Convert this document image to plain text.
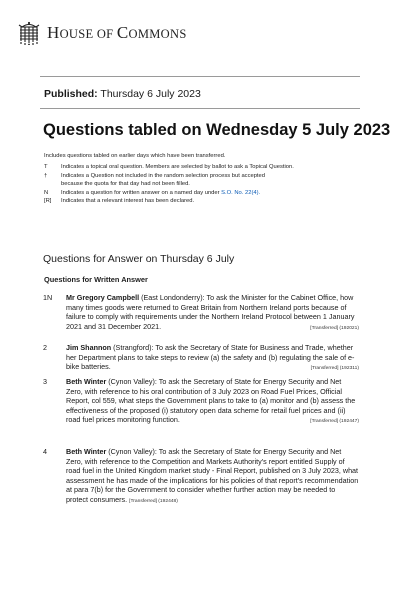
HOUSE OF COMMONS
Published: Thursday 6 July 2023
Questions tabled on Wednesday 5 July 2023
Includes questions tabled on earlier days which have been transferred.
T	Indicates a topical oral question. Members are selected by ballot to ask a Topical Question.
†	Indicates a Question not included in the random selection process but accepted because the quota for that day had not been filled.
N	Indicates a question for written answer on a named day under S.O. No. 22(4).
[R]	Indicates that a relevant interest has been declared.
Questions for Answer on Thursday 6 July
Questions for Written Answer
1N	Mr Gregory Campbell (East Londonderry): To ask the Minister for the Cabinet Office, how many times goods were returned to Great Britain from Northern Ireland ports because of failure to comply with requirements under the Northern Ireland Protocol between 1 January 2021 and 31 December 2021.	[Transferred] (192021)
2	Jim Shannon (Strangford): To ask the Secretary of State for Business and Trade, whether her Department plans to take steps to review (a) the safety and (b) regulating the sale of e-bike batteries.	[Transferred] (192311)
3	Beth Winter (Cynon Valley): To ask the Secretary of State for Energy Security and Net Zero, with reference to his oral contribution of 3 July 2023 on Road Fuel Prices, Official Report, col 559, what steps the Government plans to take to (a) monitor and (b) assess the effectiveness of the proposed (i) statutory open data scheme for retail fuel prices and (ii) road fuel prices monitoring function.	[Transferred] (192447)
4	Beth Winter (Cynon Valley): To ask the Secretary of State for Energy Security and Net Zero, with reference to the Competition and Markets Authority's report entitled Supply of road fuel in the United Kingdom market study - Final Report, published on 3 July 2023, what assessment he has made of the implications for his policies of that report's recommendation at para 7(b) for the Government to consider whether further action may be needed to protect consumers. [Transferred] (192448)
